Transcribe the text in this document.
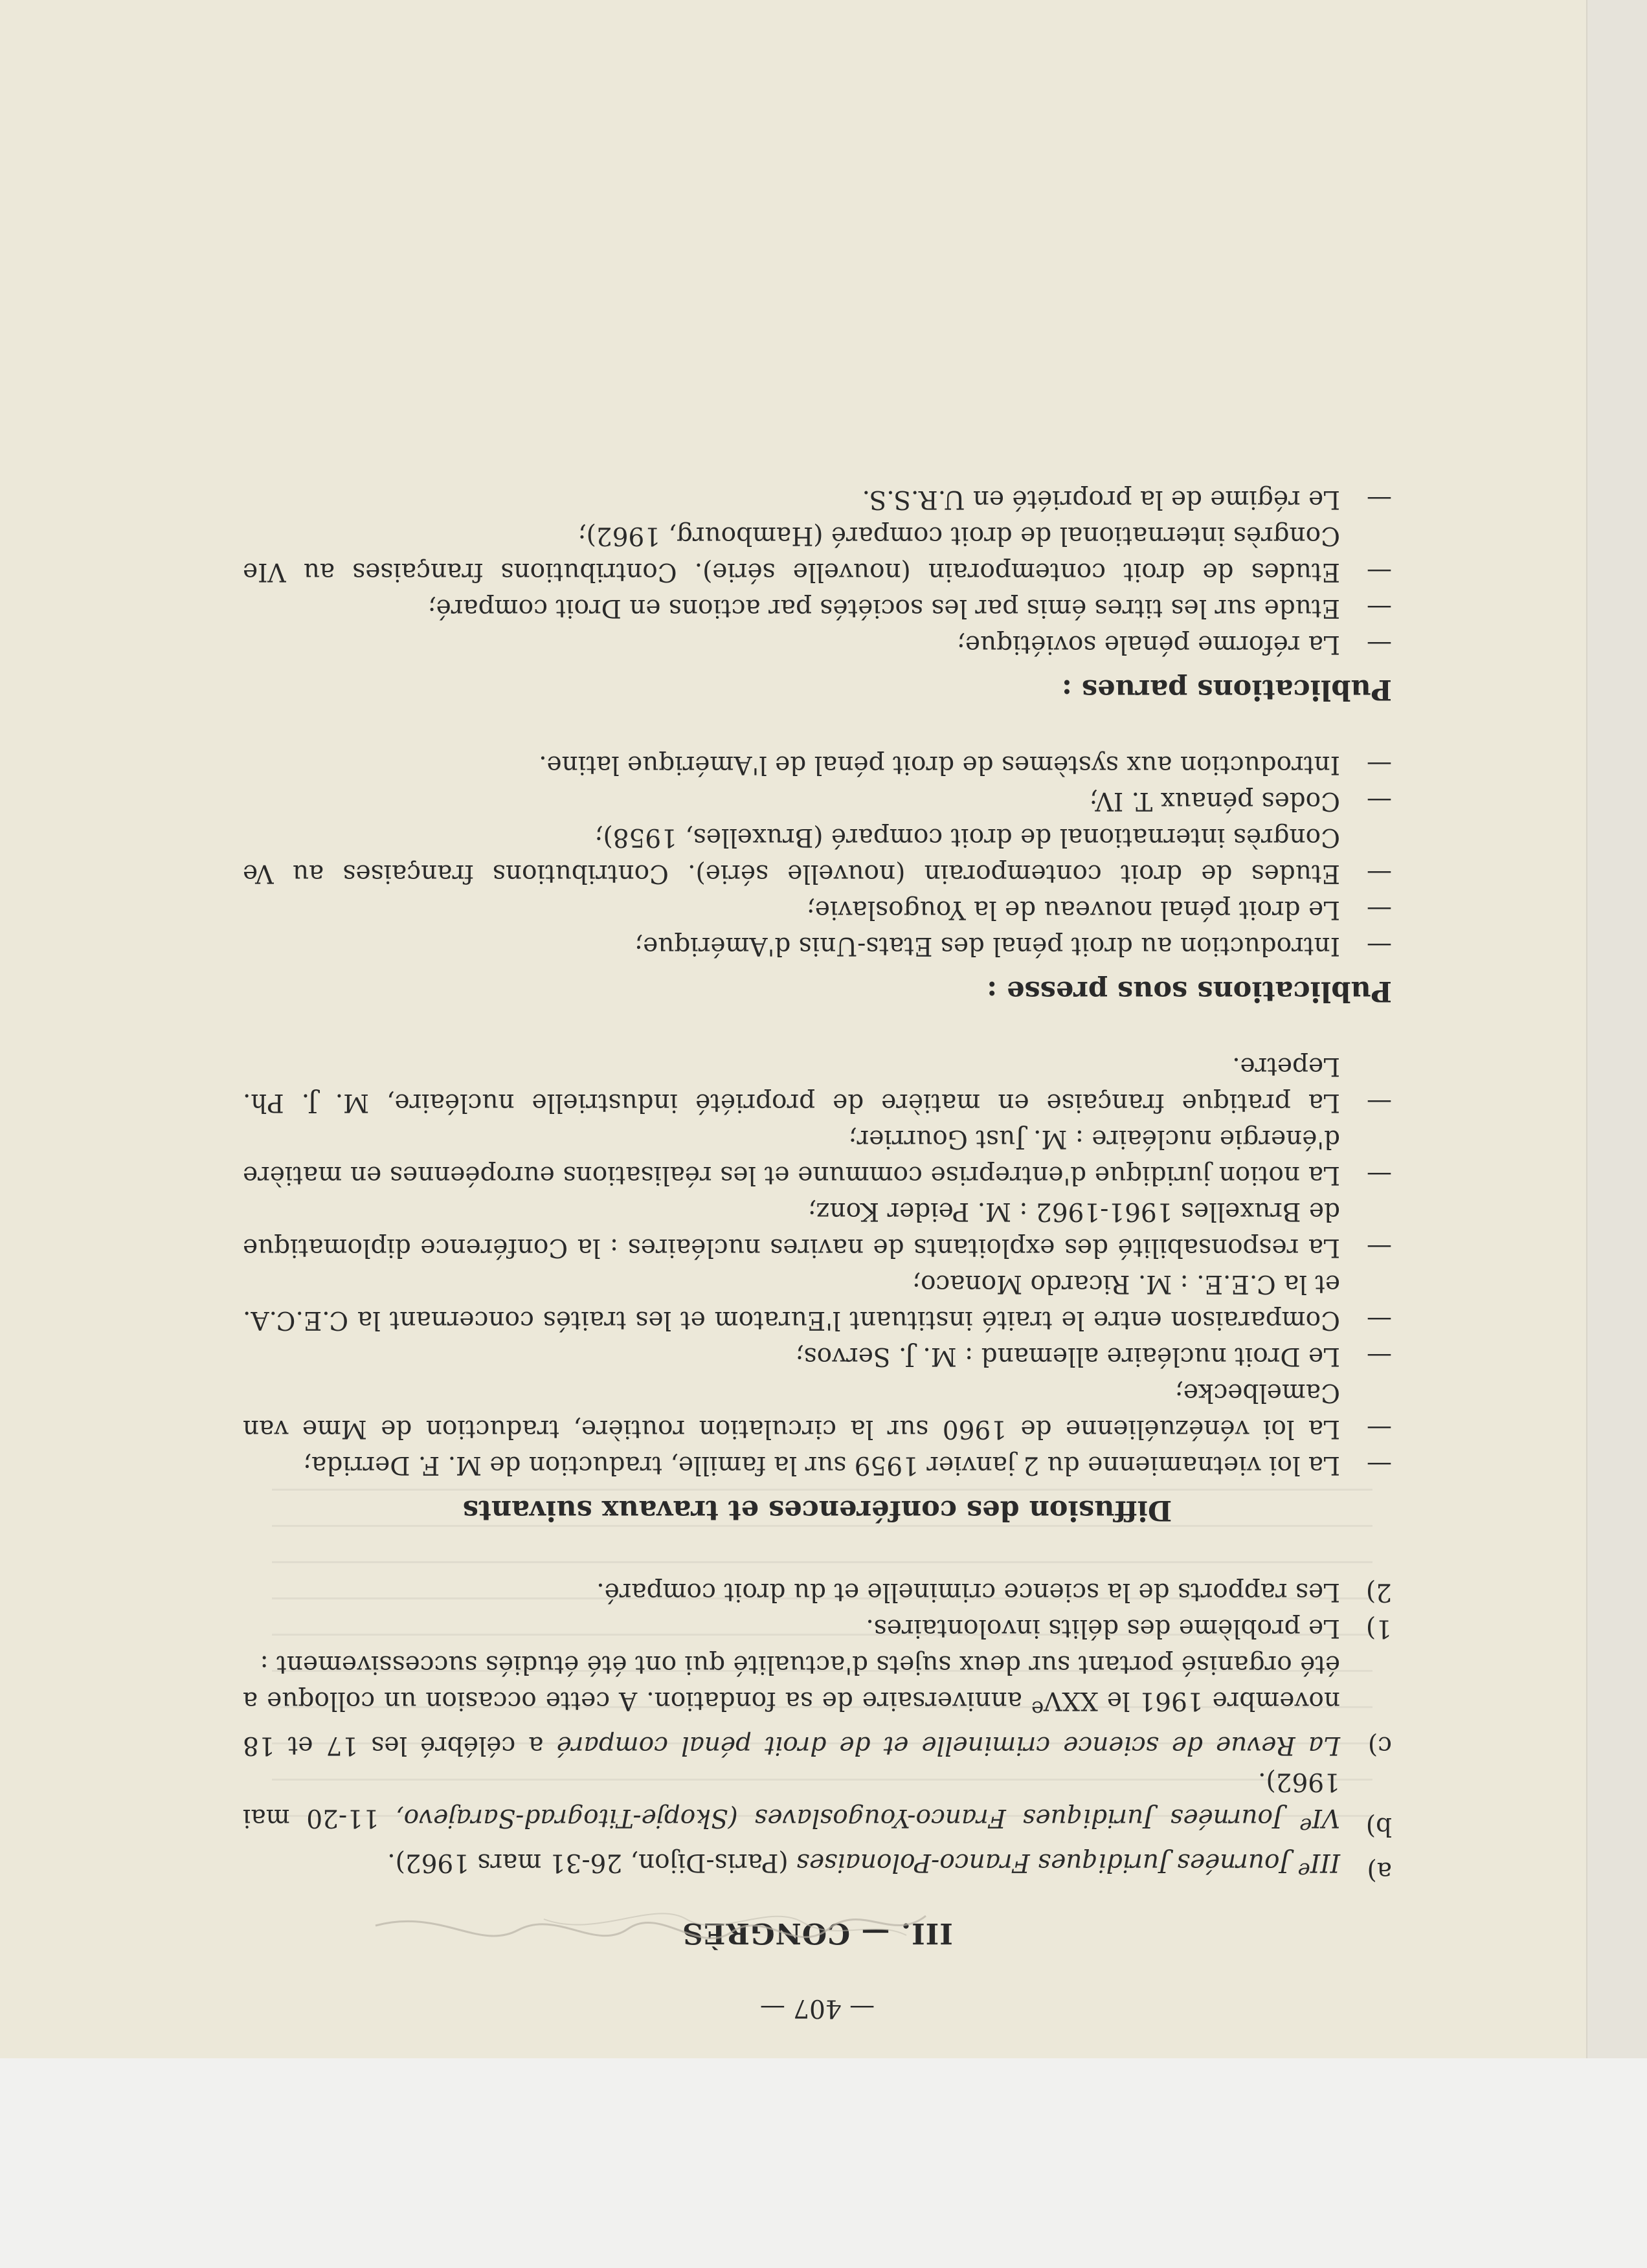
— 407 —
III. — CONGRÈS

a)
IIIe Journées Juridiques Franco-Polonaises (Paris-Dijon, 26-31 mars 1962).

b)
VIe Journées Juridiques Franco-Yougoslaves (Skopje-Titograd-Sarajevo, 11-20 mai 1962).

c)
La Revue de science criminelle et de droit pénal comparé a célébré les 17 et 18 novembre 1961 le XXVe anniversaire de sa fondation. A cette occasion un colloque a été organisé portant sur deux sujets d'actualité qui ont été étudiés successivement :

1)
Le problème des délits involontaires.

2)
Les rapports de la science criminelle et du droit comparé.

Diffusion des conférences et travaux suivants

—
La loi vietnamienne du 2 janvier 1959 sur la famille, traduction de M. F. Derrida;

—
La loi vénézuélienne de 1960 sur la circulation routière, traduction de Mme van Camelbecke;

—
Le Droit nucléaire allemand : M. J. Servos;

—
Comparaison entre le traité instituant l'Euratom et les traités concernant la C.E.C.A. et la C.E.E. : M. Ricardo Monaco;

—
La responsabilité des exploitants de navires nucléaires : la Conférence diplomatique de Bruxelles 1961-1962 : M. Peider Konz;

—
La notion juridique d'entreprise commune et les réalisations européennes en matière d'énergie nucléaire : M. Just Gourrier;

—
La pratique française en matière de propriété industrielle nucléaire, M. J. Ph. Lepetre.

Publications sous presse :

—
Introduction au droit pénal des Etats-Unis d'Amérique;

—
Le droit pénal nouveau de la Yougoslavie;

—
Etudes de droit contemporain (nouvelle série). Contributions françaises au Ve Congrès international de droit comparé (Bruxelles, 1958);

—
Codes pénaux T. IV;

—
Introduction aux systèmes de droit pénal de l'Amérique latine.

Publications parues :

—
La réforme pénale soviétique;

—
Etude sur les titres émis par les sociétés par actions en Droit comparé;

—
Etudes de droit contemporain (nouvelle série). Contributions françaises au VIe Congrès international de droit comparé (Hambourg, 1962);

—
Le régime de la propriété en U.R.S.S.
